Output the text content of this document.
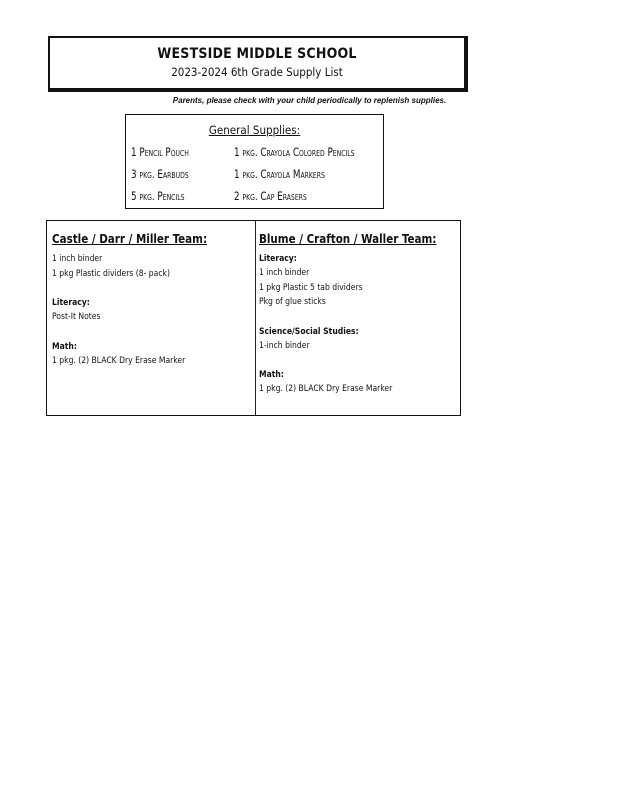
WESTSIDE MIDDLE SCHOOL
2023-2024 6th Grade Supply List
Parents, please check with your child periodically to replenish supplies.
General Supplies:
1 Pencil Pouch
3 pkg. Earbuds
5 pkg. Pencils
1 pkg. Crayola Colored Pencils
1 pkg. Crayola Markers
2 pkg. Cap Erasers
Castle / Darr / Miller Team:
1 inch binder
1 pkg Plastic dividers (8- pack)
Literacy:
Post-It Notes
Math:
1 pkg. (2) BLACK Dry Erase Marker
Blume / Crafton / Waller Team:
Literacy:
1 inch binder
1 pkg Plastic 5 tab dividers
Pkg of glue sticks
Science/Social Studies:
1-inch binder
Math:
1 pkg. (2) BLACK Dry Erase Marker
